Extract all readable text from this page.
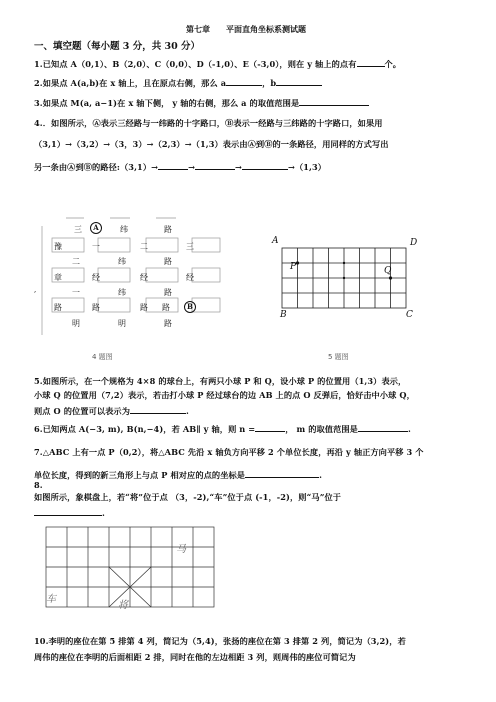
第七章 平面直角坐标系测试题
一、填空题（每小题 3 分，共 30 分）
1.已知点 A（0,1）、B（2,0）、C（0,0）、D（-1,0）、E（-3,0），则在 y 轴上的点有	个。
2.如果点 A(a,b)在 x 轴上，且在原点右侧，那么 a	，b
3.如果点 M(a, a−1)在 x 轴下侧， y 轴的右侧，那么 a 的取值范围是
4.．如图所示，Ⓐ表示三经路与一纬路的十字路口，Ⓑ表示一经路与三纬路的十字路口，如果用
（3,1）→（3,2）→（3，3）→（2,3）→（1,3）表示由Ⓐ到Ⓑ的一条路径，用同样的方式写出
另一条由Ⓐ到Ⓑ的路径:（3,1）→	→	→	→（1,3）
三	A	纬	路
豫	一	二	三
二	纬	路
章	经	经	经
一	纬	路
路	路	路 路	B
明	明	路
,
4 题图
A	D
P	Q
B	C
5 题图
5.如图所示，在一个规格为 4×8 的球台上，有两只小球 P 和 Q，设小球 P 的位置用（1,3）表示，
小球 Q 的位置用（7,2）表示，若击打小球 P 经过球台的边 AB 上的点 O 反弹后，恰好击中小球 Q，
则点 O 的位置可以表示为	.
6.已知两点 A(−3, m), B(n,−4)，若 AB∥ y 轴，则 n =	， m 的取值范围是	.
7.△ABC 上有一点 P（0,2），将△ABC 先沿 x 轴负方向平移 2 个单位长度，再沿 y 轴正方向平移 3 个
单位长度，得到的新三角形上与点 P 相对应的点的坐标是	.
8.
如图所示，象棋盘上，若“将”位于点 （3，-2),“车”位于点 (-1，-2)，则“马”位于
.
马
车
将
10.李明的座位在第 5 排第 4 列，简记为（5,4)，张扬的座位在第 3 排第 2 列，简记为（3,2)，若
周伟的座位在李明的后面相距 2 排，同时在他的左边相距 3 列，则周伟的座位可简记为
